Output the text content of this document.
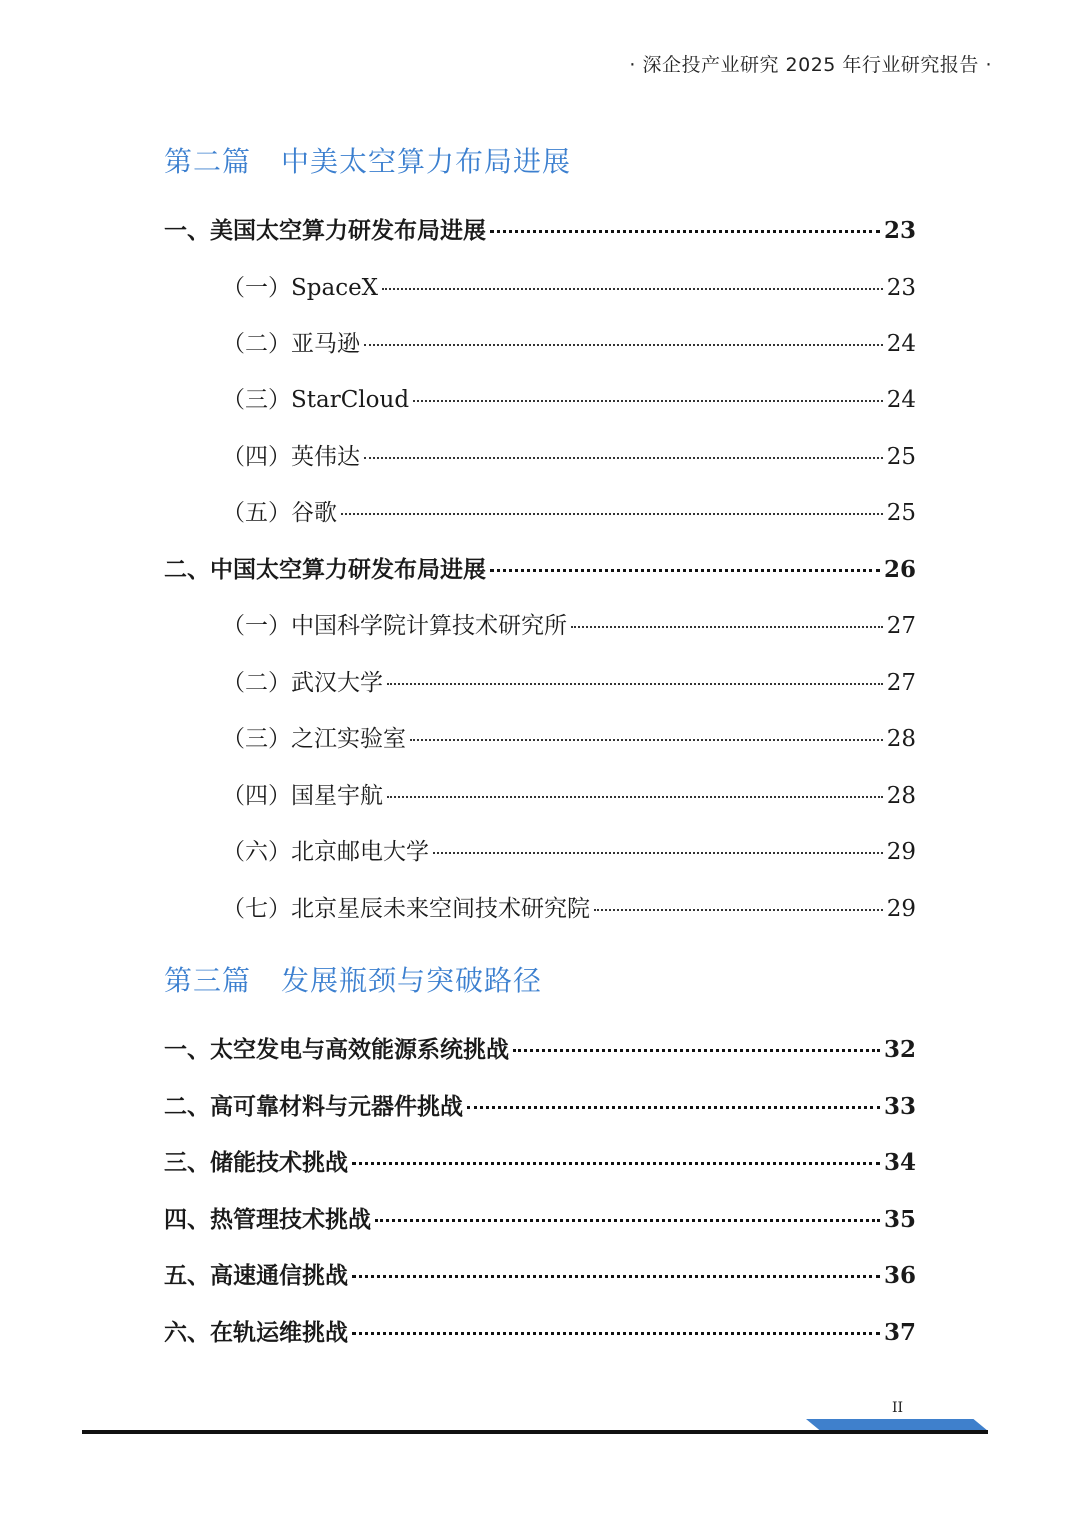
· 深企投产业研究 2025 年行业研究报告 ·
第二篇 中美太空算力布局进展
一、美国太空算力研发布局进展	23
（一）SpaceX	23
（二）亚马逊	24
（三）StarCloud	24
（四）英伟达	25
（五）谷歌	25
二、中国太空算力研发布局进展	26
（一）中国科学院计算技术研究所	27
（二）武汉大学	27
（三）之江实验室	28
（四）国星宇航	28
（六）北京邮电大学	29
（七）北京星辰未来空间技术研究院	29
第三篇 发展瓶颈与突破路径
一、太空发电与高效能源系统挑战	32
二、高可靠材料与元器件挑战	33
三、储能技术挑战	34
四、热管理技术挑战	35
五、高速通信挑战	36
六、在轨运维挑战	37
II
